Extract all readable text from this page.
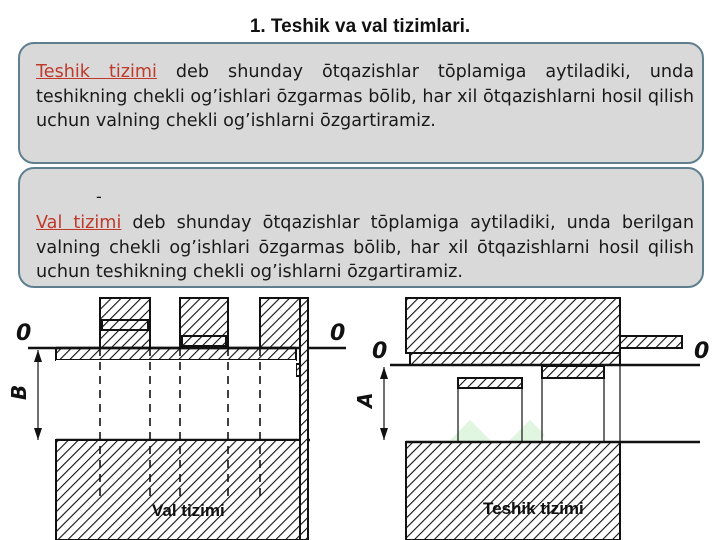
1. Teshik va val tizimlari.

Teshik tizimi deb shunday ōtqazishlar tōplamiga aytiladiki, unda teshikning chekli og’ishlari ōzgarmas bōlib, har xil ōtqazishlarni hosil qilish uchun valning chekli og’ishlarni ōzgartiramiz.

-

Val tizimi deb shunday ōtqazishlar tōplamiga aytiladiki, unda berilgan valning chekli og’ishlari ōzgarmas bōlib, har xil ōtqazishlarni hosil qilish uchun teshikning chekli og’ishlarni ōzgartiramiz.

0	0
B
Val tizimi
0	0
A
Teshik tizimi
